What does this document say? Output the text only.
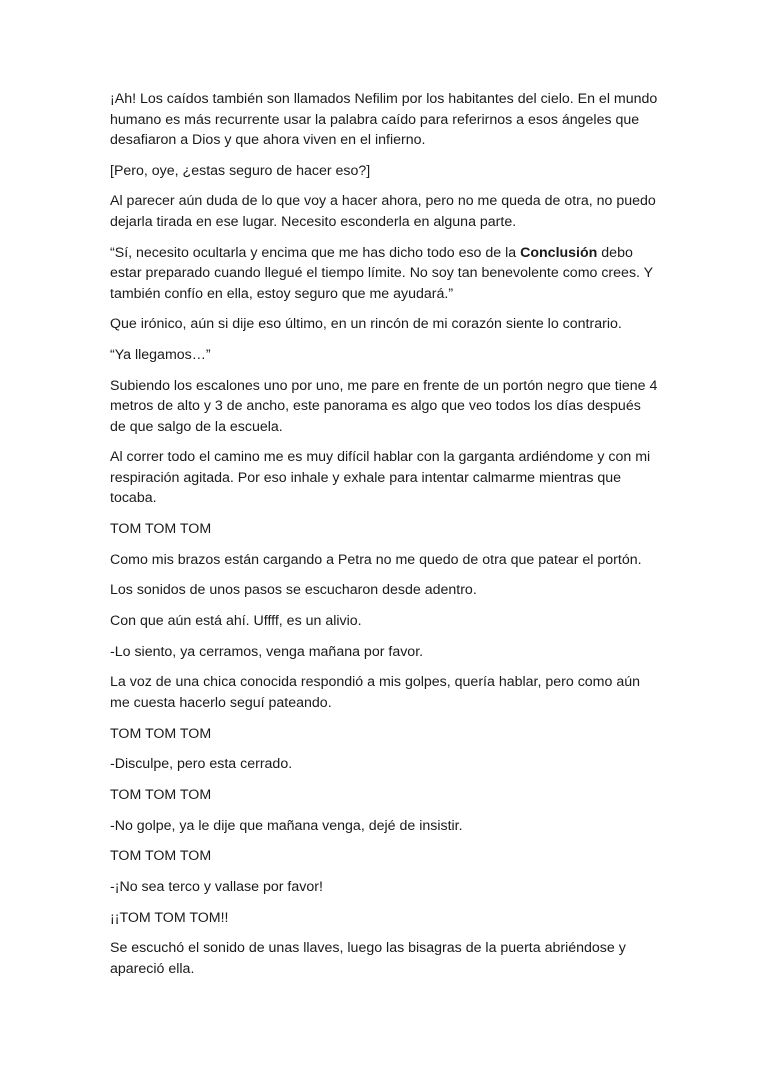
¡Ah! Los caídos también son llamados Nefilim por los habitantes del cielo. En el mundo humano es más recurrente usar la palabra caído para referirnos a esos ángeles que desafiaron a Dios y que ahora viven en el infierno.

[Pero, oye, ¿estas seguro de hacer eso?]

Al parecer aún duda de lo que voy a hacer ahora, pero no me queda de otra, no puedo dejarla tirada en ese lugar. Necesito esconderla en alguna parte.

“Sí, necesito ocultarla y encima que me has dicho todo eso de la Conclusión debo estar preparado cuando llegué el tiempo límite. No soy tan benevolente como crees. Y también confío en ella, estoy seguro que me ayudará.”

Que irónico, aún si dije eso último, en un rincón de mi corazón siente lo contrario.

“Ya llegamos…”

Subiendo los escalones uno por uno, me pare en frente de un portón negro que tiene 4 metros de alto y 3 de ancho, este panorama es algo que veo todos los días después de que salgo de la escuela.

Al correr todo el camino me es muy difícil hablar con la garganta ardiéndome y con mi respiración agitada. Por eso inhale y exhale para intentar calmarme mientras que tocaba.

TOM TOM TOM

Como mis brazos están cargando a Petra no me quedo de otra que patear el portón.

Los sonidos de unos pasos se escucharon desde adentro.

Con que aún está ahí. Uffff, es un alivio.

-Lo siento, ya cerramos, venga mañana por favor.

La voz de una chica conocida respondió a mis golpes, quería hablar, pero como aún me cuesta hacerlo seguí pateando.

TOM TOM TOM

-Disculpe, pero esta cerrado.

TOM TOM TOM

-No golpe, ya le dije que mañana venga, dejé de insistir.

TOM TOM TOM

-¡No sea terco y vallase por favor!

¡¡TOM TOM TOM!!

Se escuchó el sonido de unas llaves, luego las bisagras de la puerta abriéndose y apareció ella.
